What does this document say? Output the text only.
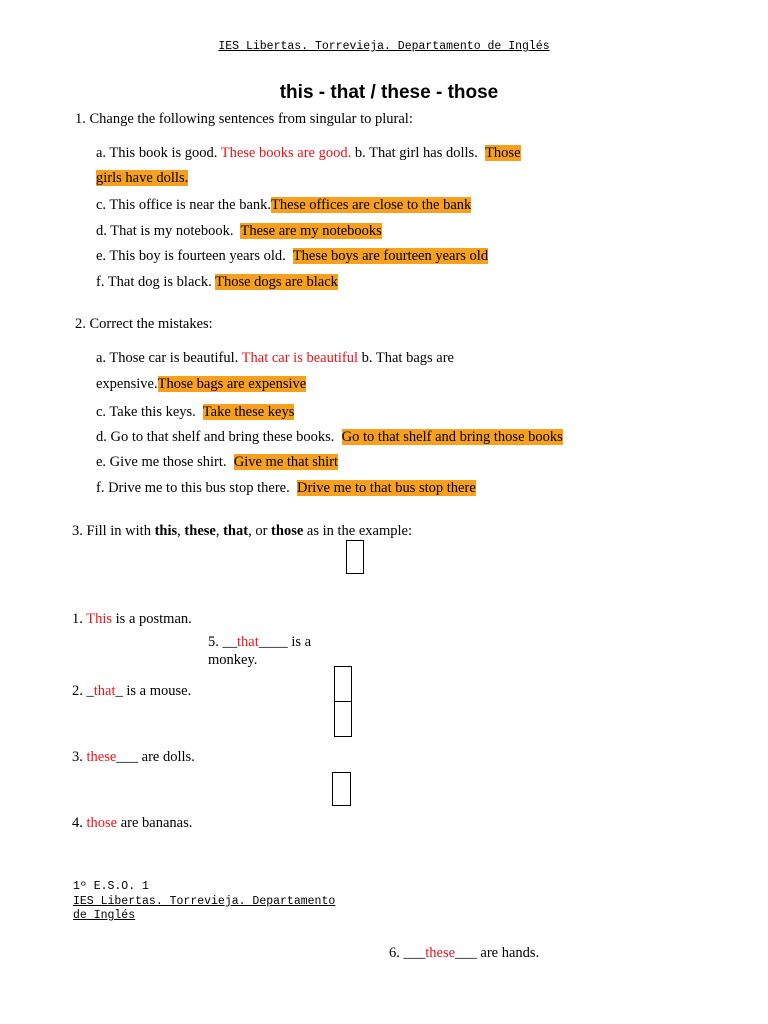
IES Libertas. Torrevieja. Departamento de Inglés
this - that / these - those
1. Change the following sentences from singular to plural:
a. This book is good. These books are good. b. That girl has dolls. Those
girls have dolls.
c. This office is near the bank.These offices are close to the bank
d. That is my notebook. These are my notebooks
e. This boy is fourteen years old. These boys are fourteen years old
f. That dog is black. Those dogs are black
2. Correct the mistakes:
a. Those car is beautiful. That car is beautiful b. That bags are
expensive.Those bags are expensive
c. Take this keys. Take these keys
d. Go to that shelf and bring these books. Go to that shelf and bring those books
e. Give me those shirt. Give me that shirt
f. Drive me to this bus stop there. Drive me to that bus stop there
3. Fill in with this, these, that, or those as in the example:
1. This is a postman.
5. __that____ is a
monkey.
2. _that_ is a mouse.
3. these___ are dolls.
4. those are bananas.
1º E.S.O. 1
IES Libertas. Torrevieja. Departamento
de Inglés
6. ___these___ are hands.
